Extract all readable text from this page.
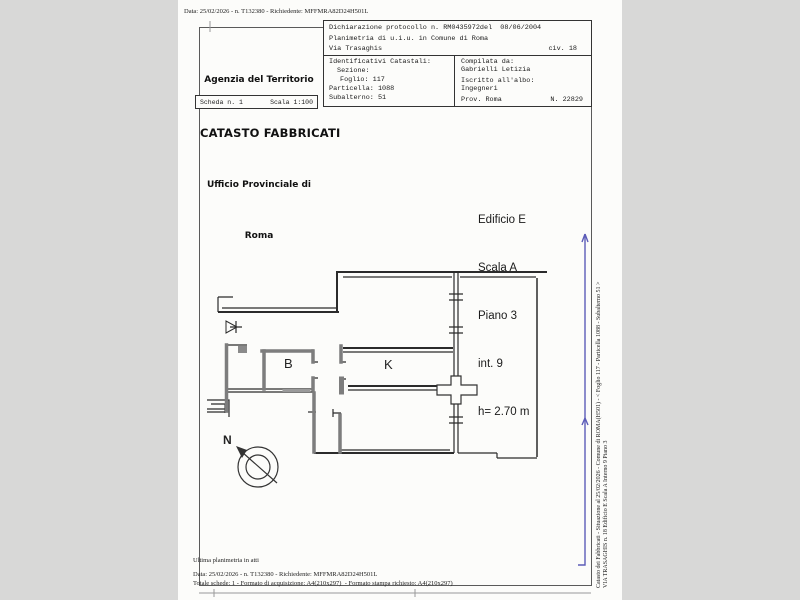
Data: 25/02/2026 - n. T132380 - Richiedente: MFFMRA82D24H501L

Agenzia del Territorio

CATASTO FABBRICATI

Ufficio Provinciale di

Roma

Scheda n. 1	Scala 1:100

Dichiarazione protocollo n. RM0435972del  08/06/2004

Planimetria di u.i.u. in Comune di Roma

Via Trasaghis

	civ. 18

Identificativi Catastali:

Sezione:

Foglio: 117

Particella: 1088

Subalterno: 51

Compilata da:

Gabrielli Letizia

Iscritto all'albo:

Ingegneri

Prov. Roma

	N. 22829

Edificio E

Scala A

Piano 3

int. 9

h= 2.70 m

B	K
N
Ultima planimetria in atti
Data: 25/02/2026 - n. T132380 - Richiedente: MFFMRA82D24H501L
Totale schede: 1 - Formato di acquisizione: A4(210x297)  - Formato stampa richiesto: A4(210x297)	Catasto dei Fabbricati - Situazione al 25/02/2026 - Comune di ROMA(H501) - < Foglio 117 - Particella 1088 - Subalterno 51 > VIA TRASAGHIS n. 18 Edificio E Scala A Interno 9 Piano 3
